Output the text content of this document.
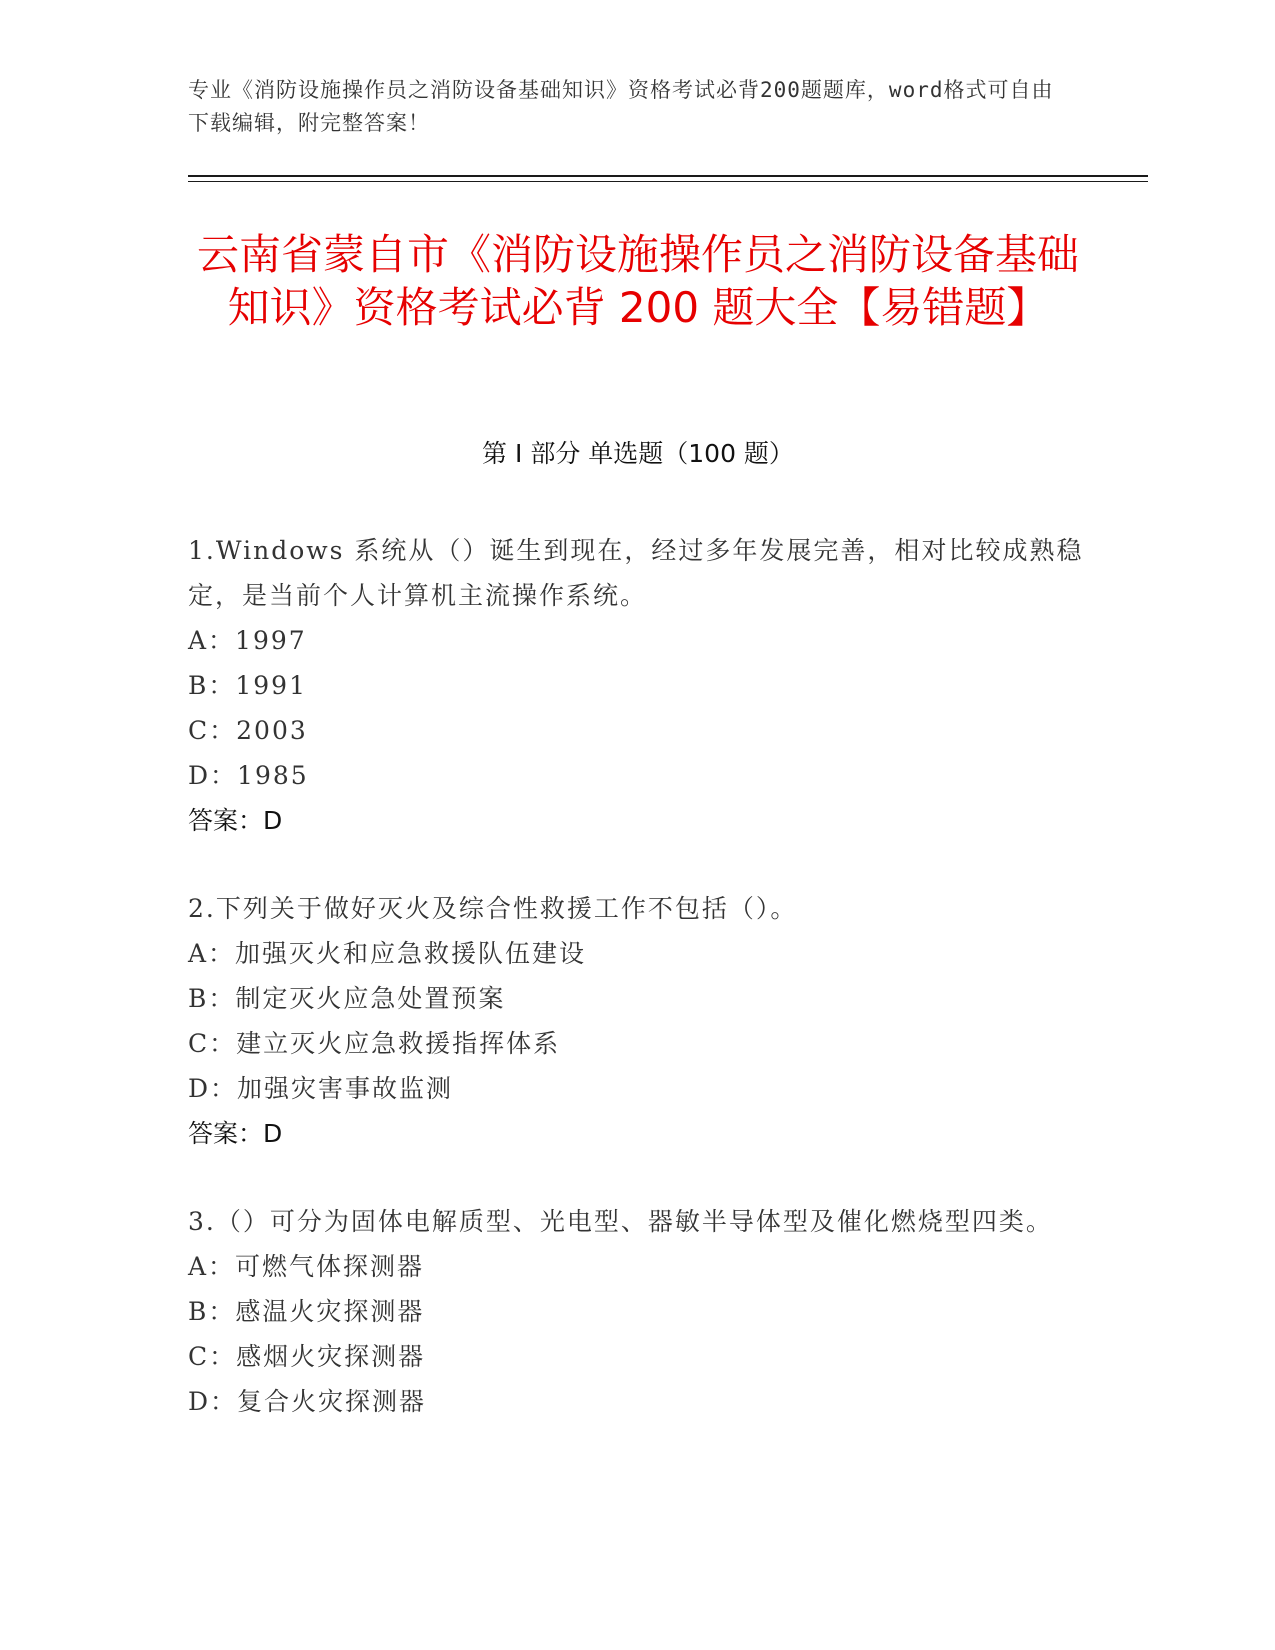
专业《消防设施操作员之消防设备基础知识》资格考试必背200题题库，word格式可自由下载编辑，附完整答案！
云南省蒙自市《消防设施操作员之消防设备基础知识》资格考试必背 200 题大全【易错题】
第 I 部分 单选题（100 题）
1.Windows 系统从（）诞生到现在，经过多年发展完善，相对比较成熟稳定，是当前个人计算机主流操作系统。
A：1997
B：1991
C：2003
D：1985
答案：D
2.下列关于做好灭火及综合性救援工作不包括（）。
A：加强灭火和应急救援队伍建设
B：制定灭火应急处置预案
C：建立灭火应急救援指挥体系
D：加强灾害事故监测
答案：D
3.（）可分为固体电解质型、光电型、器敏半导体型及催化燃烧型四类。
A：可燃气体探测器
B：感温火灾探测器
C：感烟火灾探测器
D：复合火灾探测器
